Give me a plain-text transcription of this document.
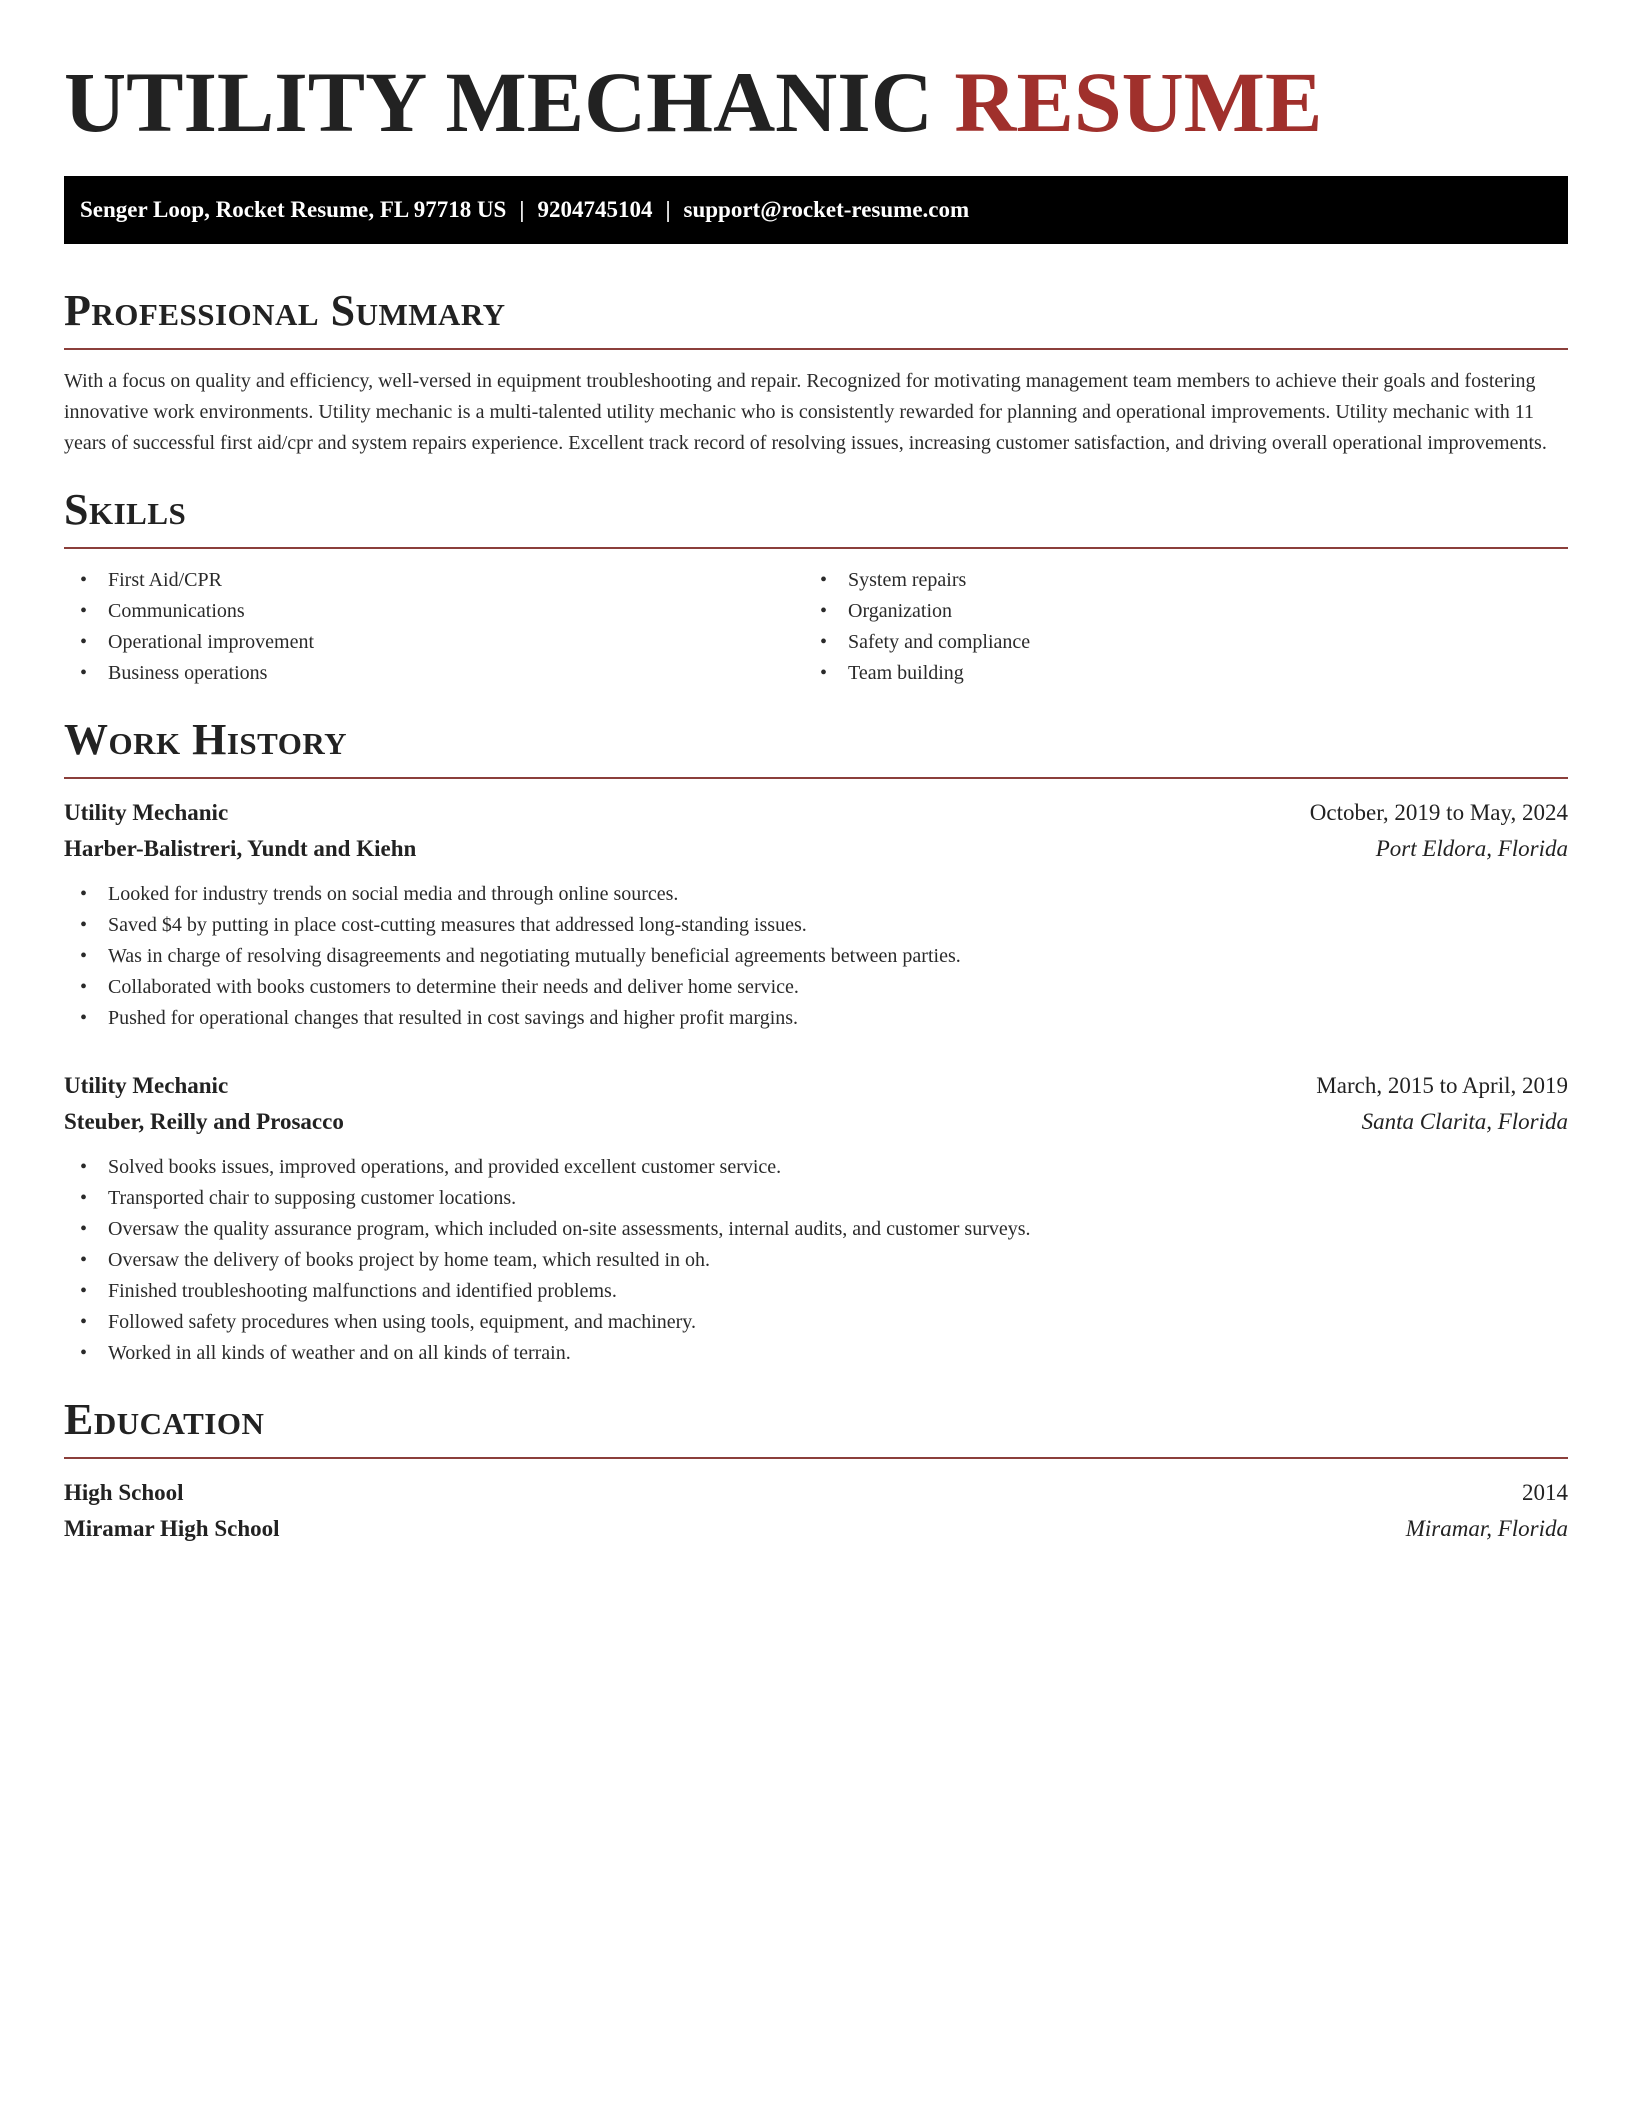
UTILITY MECHANIC RESUME
Senger Loop, Rocket Resume, FL 97718 US | 9204745104 | support@rocket-resume.com
Professional Summary

With a focus on quality and efficiency, well-versed in equipment troubleshooting and repair. Recognized for motivating management team members to achieve their goals and fostering innovative work environments. Utility mechanic is a multi-talented utility mechanic who is consistently rewarded for planning and operational improvements. Utility mechanic with 11 years of successful first aid/cpr and system repairs experience. Excellent track record of resolving issues, increasing customer satisfaction, and driving overall operational improvements.

Skills
• First Aid/CPR
• Communications
• Operational improvement
• Business operations
• System repairs
• Organization
• Safety and compliance
• Team building
Work History
Utility Mechanic	October, 2019 to May, 2024
Harber-Balistreri, Yundt and Kiehn	Port Eldora, Florida
• Looked for industry trends on social media and through online sources.
• Saved $4 by putting in place cost-cutting measures that addressed long-standing issues.
• Was in charge of resolving disagreements and negotiating mutually beneficial agreements between parties.
• Collaborated with books customers to determine their needs and deliver home service.
• Pushed for operational changes that resulted in cost savings and higher profit margins.
Utility Mechanic	March, 2015 to April, 2019
Steuber, Reilly and Prosacco	Santa Clarita, Florida
• Solved books issues, improved operations, and provided excellent customer service.
• Transported chair to supposing customer locations.
• Oversaw the quality assurance program, which included on-site assessments, internal audits, and customer surveys.
• Oversaw the delivery of books project by home team, which resulted in oh.
• Finished troubleshooting malfunctions and identified problems.
• Followed safety procedures when using tools, equipment, and machinery.
• Worked in all kinds of weather and on all kinds of terrain.
Education
High School	2014
Miramar High School	Miramar, Florida
